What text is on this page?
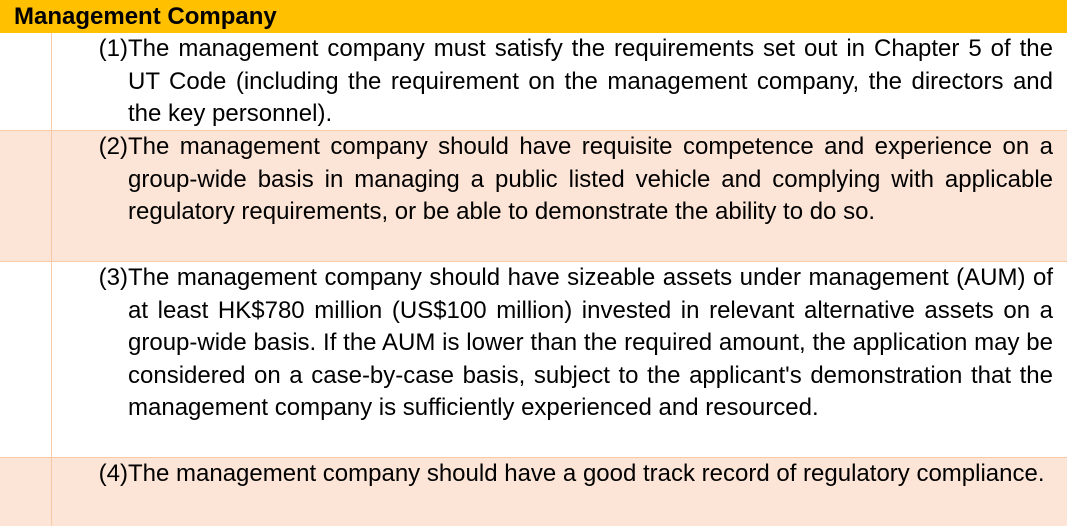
Management Company
(1) The management company must satisfy the requirements set out in Chapter 5 of the UT Code (including the requirement on the management company, the directors and the key personnel).
(2) The management company should have requisite competence and experience on a group-wide basis in managing a public listed vehicle and complying with applicable regulatory requirements, or be able to demonstrate the ability to do so.
(3) The management company should have sizeable assets under management (AUM) of at least HK$780 million (US$100 million) invested in relevant alternative assets on a group-wide basis. If the AUM is lower than the required amount, the application may be considered on a case-by-case basis, subject to the applicant's demonstration that the management company is sufficiently experienced and resourced.
(4) The management company should have a good track record of regulatory compliance.
